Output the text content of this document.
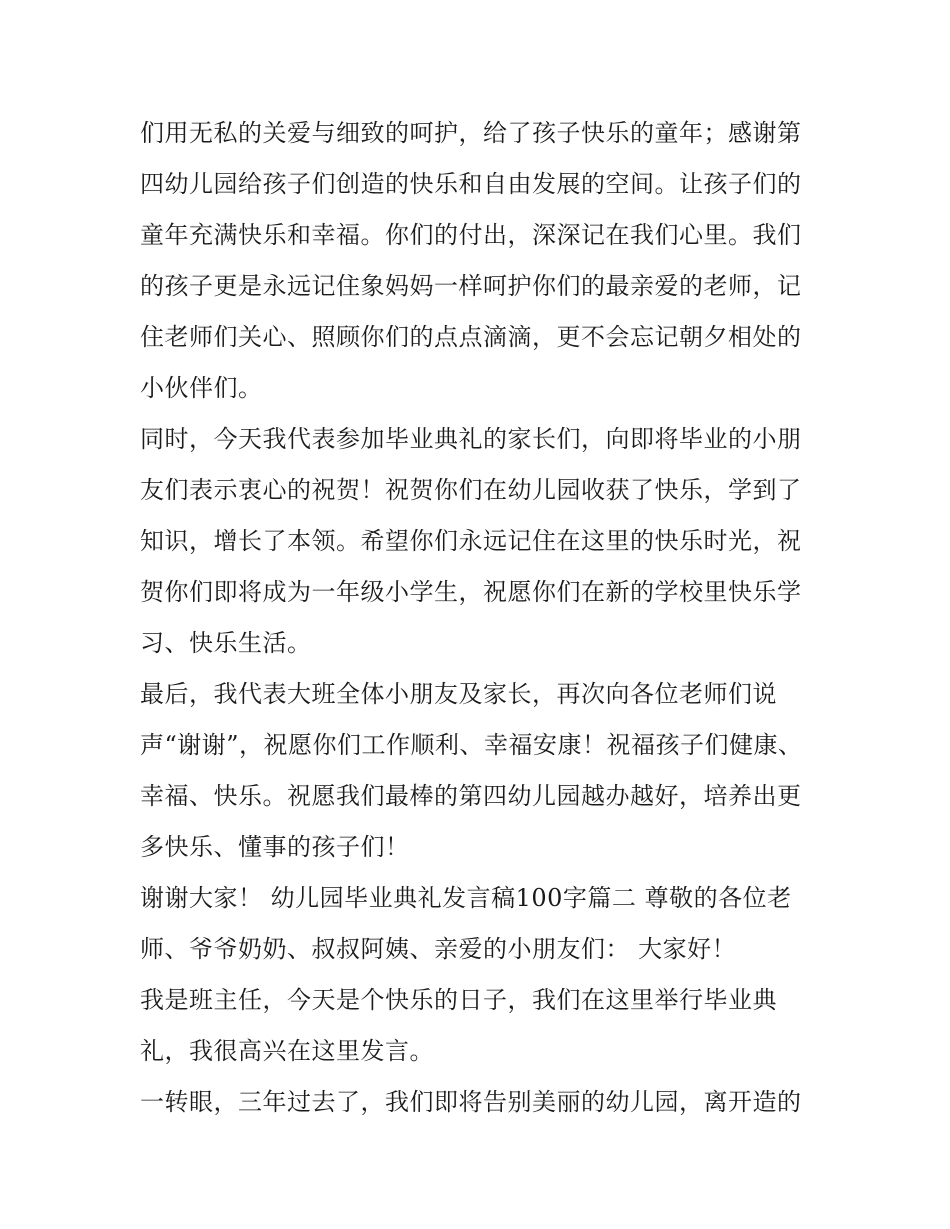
们用无私的关爱与细致的呵护，给了孩子快乐的童年；感谢第
四幼儿园给孩子们创造的快乐和自由发展的空间。让孩子们的
童年充满快乐和幸福。你们的付出，深深记在我们心里。我们
的孩子更是永远记住象妈妈一样呵护你们的最亲爱的老师，记
住老师们关心、照顾你们的点点滴滴，更不会忘记朝夕相处的
小伙伴们。
同时，今天我代表参加毕业典礼的家长们，向即将毕业的小朋
友们表示衷心的祝贺！祝贺你们在幼儿园收获了快乐，学到了
知识，增长了本领。希望你们永远记住在这里的快乐时光，祝
贺你们即将成为一年级小学生，祝愿你们在新的学校里快乐学
习、快乐生活。
最后，我代表大班全体小朋友及家长，再次向各位老师们说
声“谢谢”，祝愿你们工作顺利、幸福安康！祝福孩子们健康、
幸福、快乐。祝愿我们最棒的第四幼儿园越办越好，培养出更
多快乐、懂事的孩子们！
谢谢大家！ 幼儿园毕业典礼发言稿100字篇二 尊敬的各位老
师、爷爷奶奶、叔叔阿姨、亲爱的小朋友们： 大家好！
我是班主任，今天是个快乐的日子，我们在这里举行毕业典
礼，我很高兴在这里发言。
一转眼，三年过去了，我们即将告别美丽的幼儿园，离开造的
